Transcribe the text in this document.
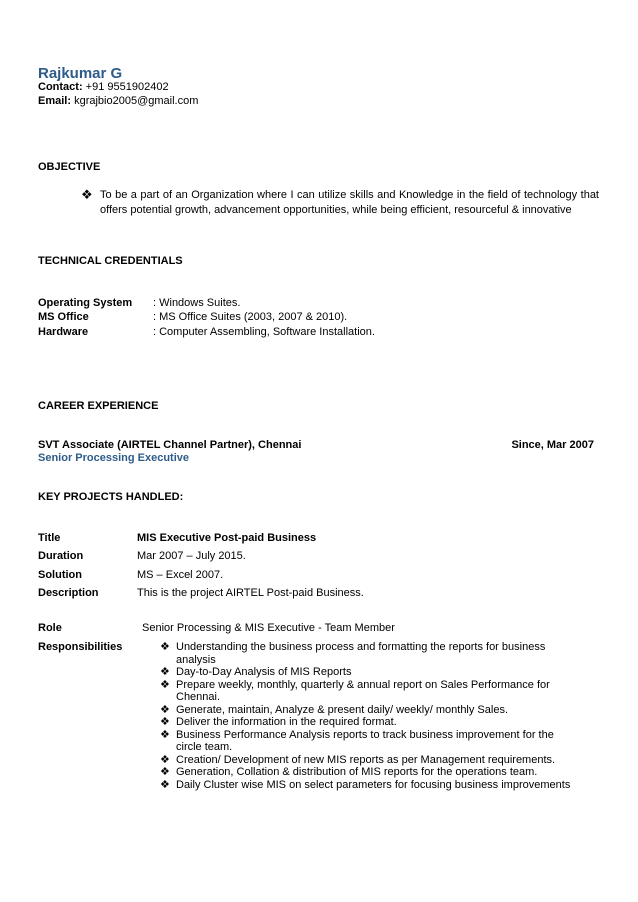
Rajkumar G
Contact: +91 9551902402
Email: kgrajbio2005@gmail.com
OBJECTIVE
❖ To be a part of an Organization where I can utilize skills and Knowledge in the field of technology that offers potential growth, advancement opportunities, while being efficient, resourceful & innovative
TECHNICAL CREDENTIALS
Operating System : Windows Suites.
MS Office	: MS Office Suites (2003, 2007 & 2010).
Hardware	: Computer Assembling, Software Installation.
CAREER EXPERIENCE
SVT Associate (AIRTEL Channel Partner), Chennai	Since, Mar 2007
Senior Processing Executive
KEY PROJECTS HANDLED:
Title	MIS Executive Post-paid Business
Duration	Mar 2007 – July 2015.
Solution	MS – Excel 2007.
Description	This is the project AIRTEL Post-paid Business.
Role	Senior Processing & MIS Executive - Team Member
Responsibilities	❖ Understanding the business process and formatting the reports for business analysis
❖ Day-to-Day Analysis of MIS Reports
❖ Prepare weekly, monthly, quarterly & annual report on Sales Performance for Chennai.
❖ Generate, maintain, Analyze & present daily/ weekly/ monthly Sales.
❖ Deliver the information in the required format.
❖ Business Performance Analysis reports to track business improvement for the circle team.
❖ Creation/ Development of new MIS reports as per Management requirements.
❖ Generation, Collation & distribution of MIS reports for the operations team.
❖ Daily Cluster wise MIS on select parameters for focusing business improvements
